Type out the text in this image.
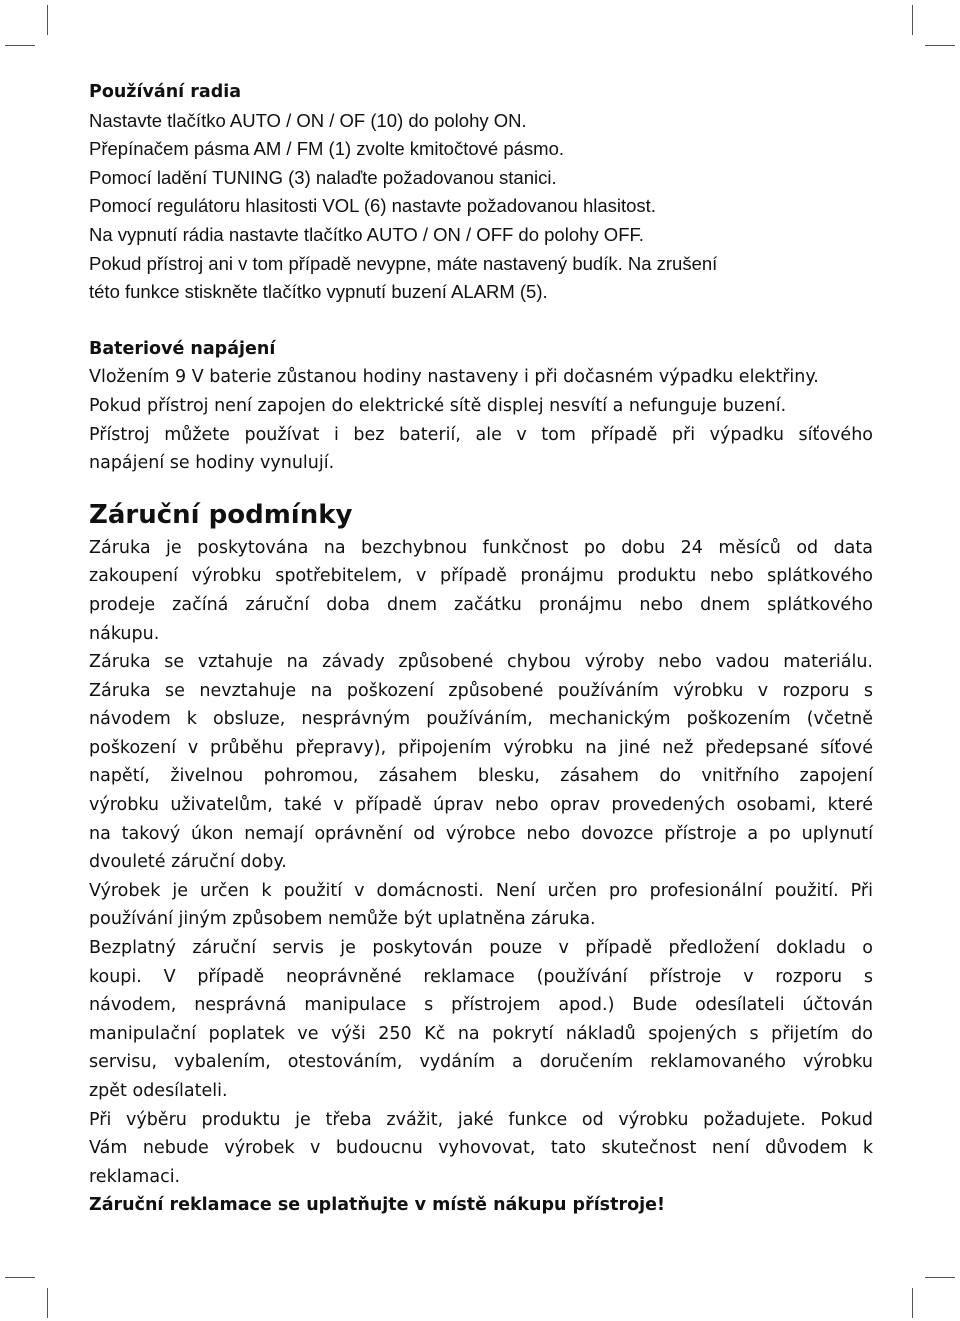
Používání radia
Nastavte tlačítko AUTO / ON / OF (10) do polohy ON.
Přepínačem pásma AM / FM (1) zvolte kmitočtové pásmo.
Pomocí ladění TUNING (3) nalaďte požadovanou stanici.
Pomocí regulátoru hlasitosti VOL (6) nastavte požadovanou hlasitost.
Na vypnutí rádia nastavte tlačítko AUTO / ON / OFF do polohy OFF.
Pokud přístroj ani v tom případě nevypne, máte nastavený budík. Na zrušení
této funkce stiskněte tlačítko vypnutí buzení ALARM (5).
Bateriové napájení
Vložením 9 V baterie zůstanou hodiny nastaveny i při dočasném výpadku elektřiny.
Pokud přístroj není zapojen do elektrické sítě displej nesvítí a nefunguje buzení.
Přístroj můžete používat i bez baterií, ale v tom případě při výpadku síťového
napájení se hodiny vynulují.
Záruční podmínky
Záruka je poskytována na bezchybnou funkčnost po dobu 24 měsíců od data
zakoupení výrobku spotřebitelem, v případě pronájmu produktu nebo splátkového
prodeje začíná záruční doba dnem začátku pronájmu nebo dnem splátkového
nákupu.
Záruka se vztahuje na závady způsobené chybou výroby nebo vadou materiálu.
Záruka se nevztahuje na poškození způsobené používáním výrobku v rozporu s
návodem k obsluze, nesprávným používáním, mechanickým poškozením (včetně
poškození v průběhu přepravy), připojením výrobku na jiné než předepsané síťové
napětí, živelnou pohromou, zásahem blesku, zásahem do vnitřního zapojení
výrobku uživatelům, také v případě úprav nebo oprav provedených osobami, které
na takový úkon nemají oprávnění od výrobce nebo dovozce přístroje a po uplynutí
dvouleté záruční doby.
Výrobek je určen k použití v domácnosti. Není určen pro profesionální použití. Při
používání jiným způsobem nemůže být uplatněna záruka.
Bezplatný záruční servis je poskytován pouze v případě předložení dokladu o
koupi. V případě neoprávněné reklamace (používání přístroje v rozporu s
návodem, nesprávná manipulace s přístrojem apod.) Bude odesílateli účtován
manipulační poplatek ve výši 250 Kč na pokrytí nákladů spojených s přijetím do
servisu, vybalením, otestováním, vydáním a doručením reklamovaného výrobku
zpět odesílateli.
Při výběru produktu je třeba zvážit, jaké funkce od výrobku požadujete. Pokud
Vám nebude výrobek v budoucnu vyhovovat, tato skutečnost není důvodem k
reklamaci.
Záruční reklamace se uplatňujte v místě nákupu přístroje!
